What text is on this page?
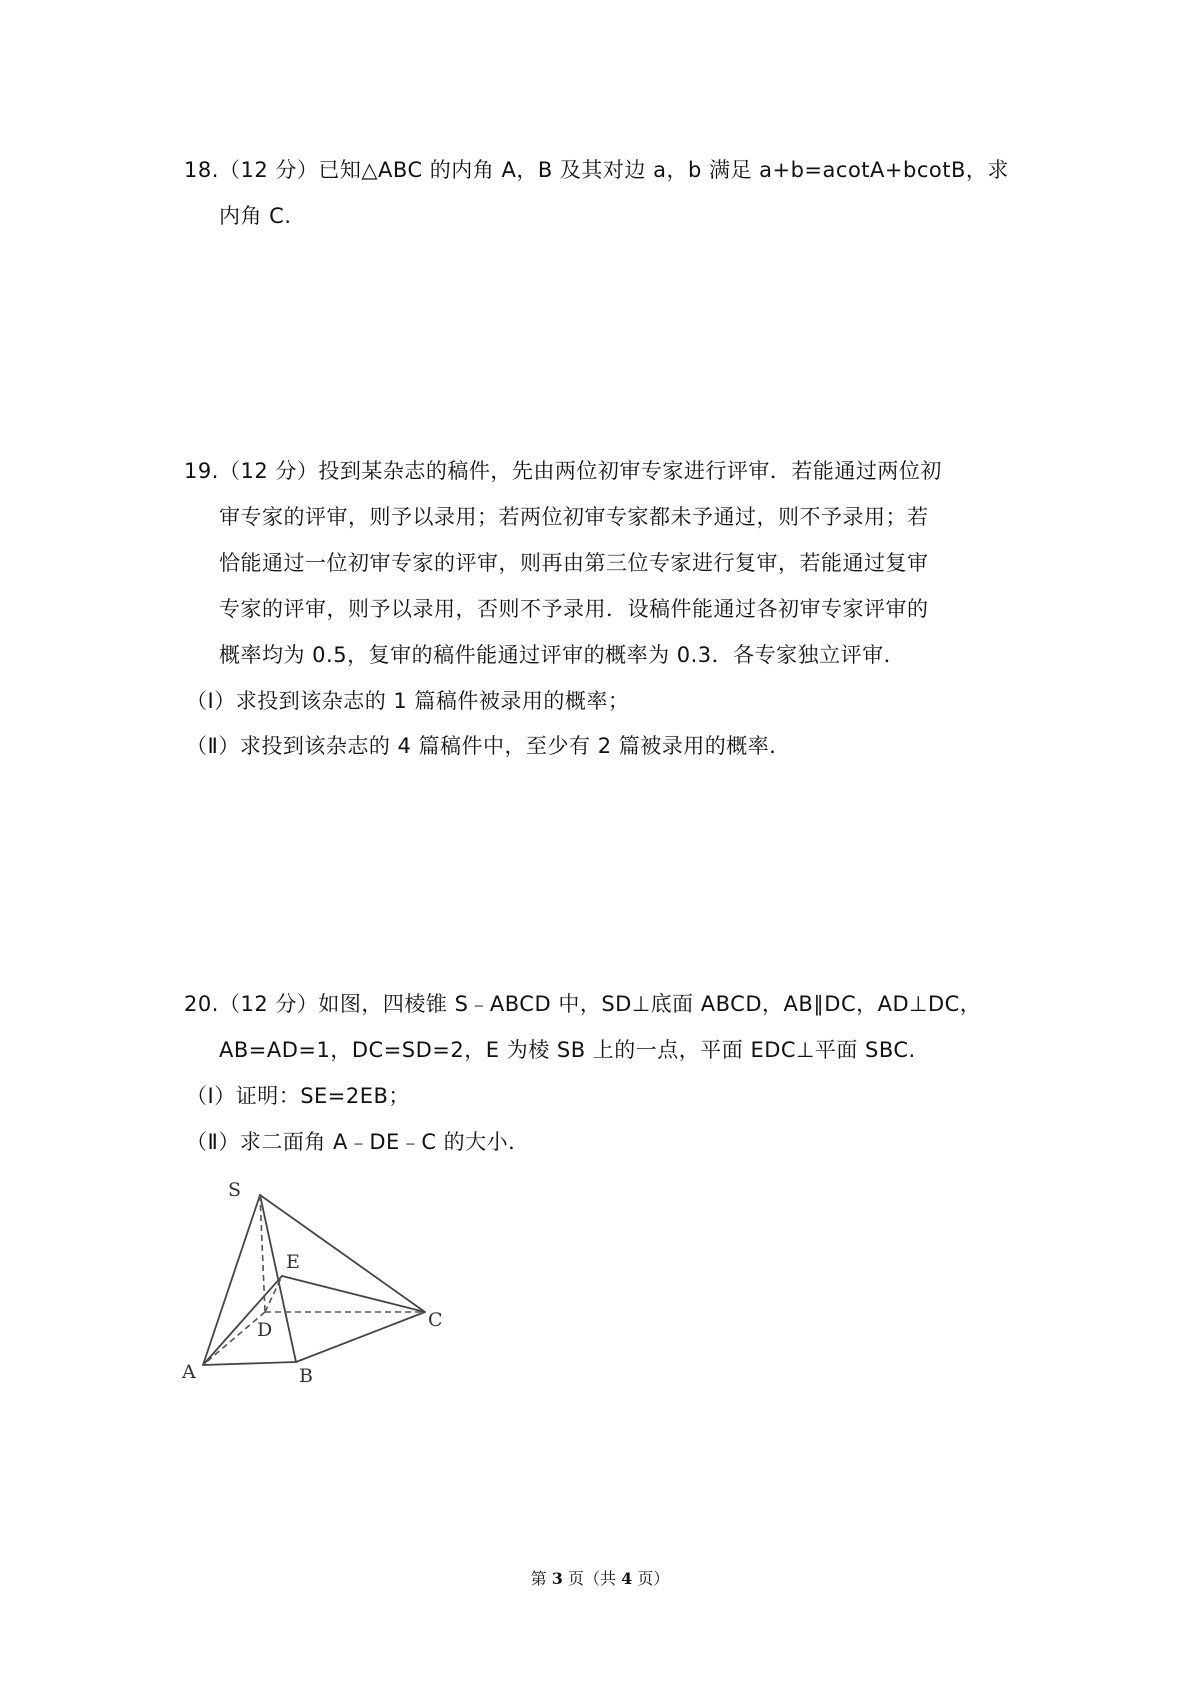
18. （12 分）已知△ABC 的内角 A，B 及其对边 a，b 满足 a+b=acotA+bcotB，求
内角 C.
19. （12 分）投到某杂志的稿件，先由两位初审专家进行评审．若能通过两位初
审专家的评审，则予以录用；若两位初审专家都未予通过，则不予录用；若
恰能通过一位初审专家的评审，则再由第三位专家进行复审，若能通过复审
专家的评审，则予以录用，否则不予录用．设稿件能通过各初审专家评审的
概率均为 0.5，复审的稿件能通过评审的概率为 0.3．各专家独立评审．
（Ⅰ）求投到该杂志的 1 篇稿件被录用的概率；
（Ⅱ）求投到该杂志的 4 篇稿件中，至少有 2 篇被录用的概率．
20. （12 分）如图，四棱锥 S﹣ABCD 中，SD⊥底面 ABCD，AB∥DC，AD⊥DC，
AB=AD=1，DC=SD=2，E 为棱 SB 上的一点，平面 EDC⊥平面 SBC.
（Ⅰ）证明：SE=2EB；
（Ⅱ）求二面角 A﹣DE﹣C 的大小．
S
E
D	C
A	B
第 3 页（共 4 页）
